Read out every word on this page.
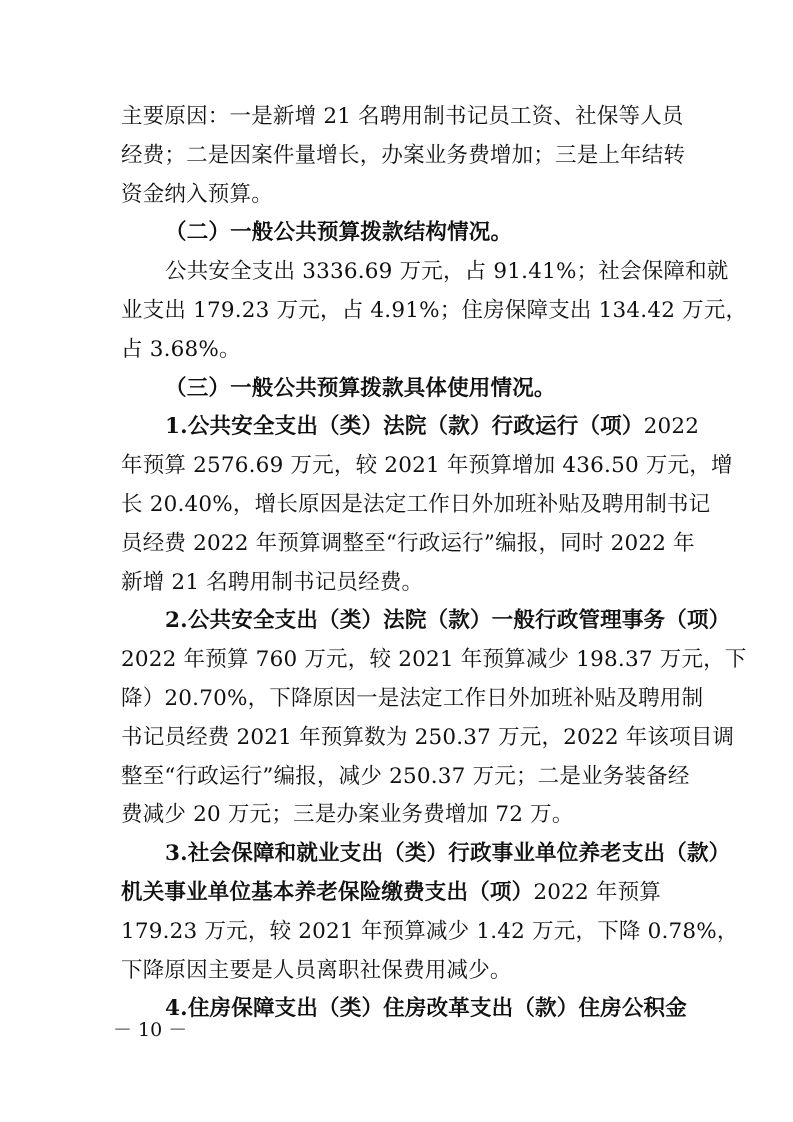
主要原因：一是新增 21 名聘用制书记员工资、社保等人员
经费；二是因案件量增长，办案业务费增加；三是上年结转
资金纳入预算。
（二）一般公共预算拨款结构情况。
公共安全支出 3336.69 万元，占 91.41%；社会保障和就
业支出 179.23 万元，占 4.91%；住房保障支出 134.42 万元，
占 3.68%。
（三）一般公共预算拨款具体使用情况。
1.公共安全支出（类）法院（款）行政运行（项）2022
年预算 2576.69 万元，较 2021 年预算增加 436.50 万元，增
长 20.40%，增长原因是法定工作日外加班补贴及聘用制书记
员经费 2022 年预算调整至“行政运行”编报，同时 2022 年
新增 21 名聘用制书记员经费。
2.公共安全支出（类）法院（款）一般行政管理事务（项）
2022 年预算 760 万元，较 2021 年预算减少 198.37 万元，下
降）20.70%，下降原因一是法定工作日外加班补贴及聘用制
书记员经费 2021 年预算数为 250.37 万元，2022 年该项目调
整至“行政运行”编报，减少 250.37 万元；二是业务装备经
费减少 20 万元；三是办案业务费增加 72 万。
3.社会保障和就业支出（类）行政事业单位养老支出（款）
机关事业单位基本养老保险缴费支出（项）2022 年预算
179.23 万元，较 2021 年预算减少 1.42 万元，下降 0.78%，
下降原因主要是人员离职社保费用减少。
4.住房保障支出（类）住房改革支出（款）住房公积金
－ 10 －
